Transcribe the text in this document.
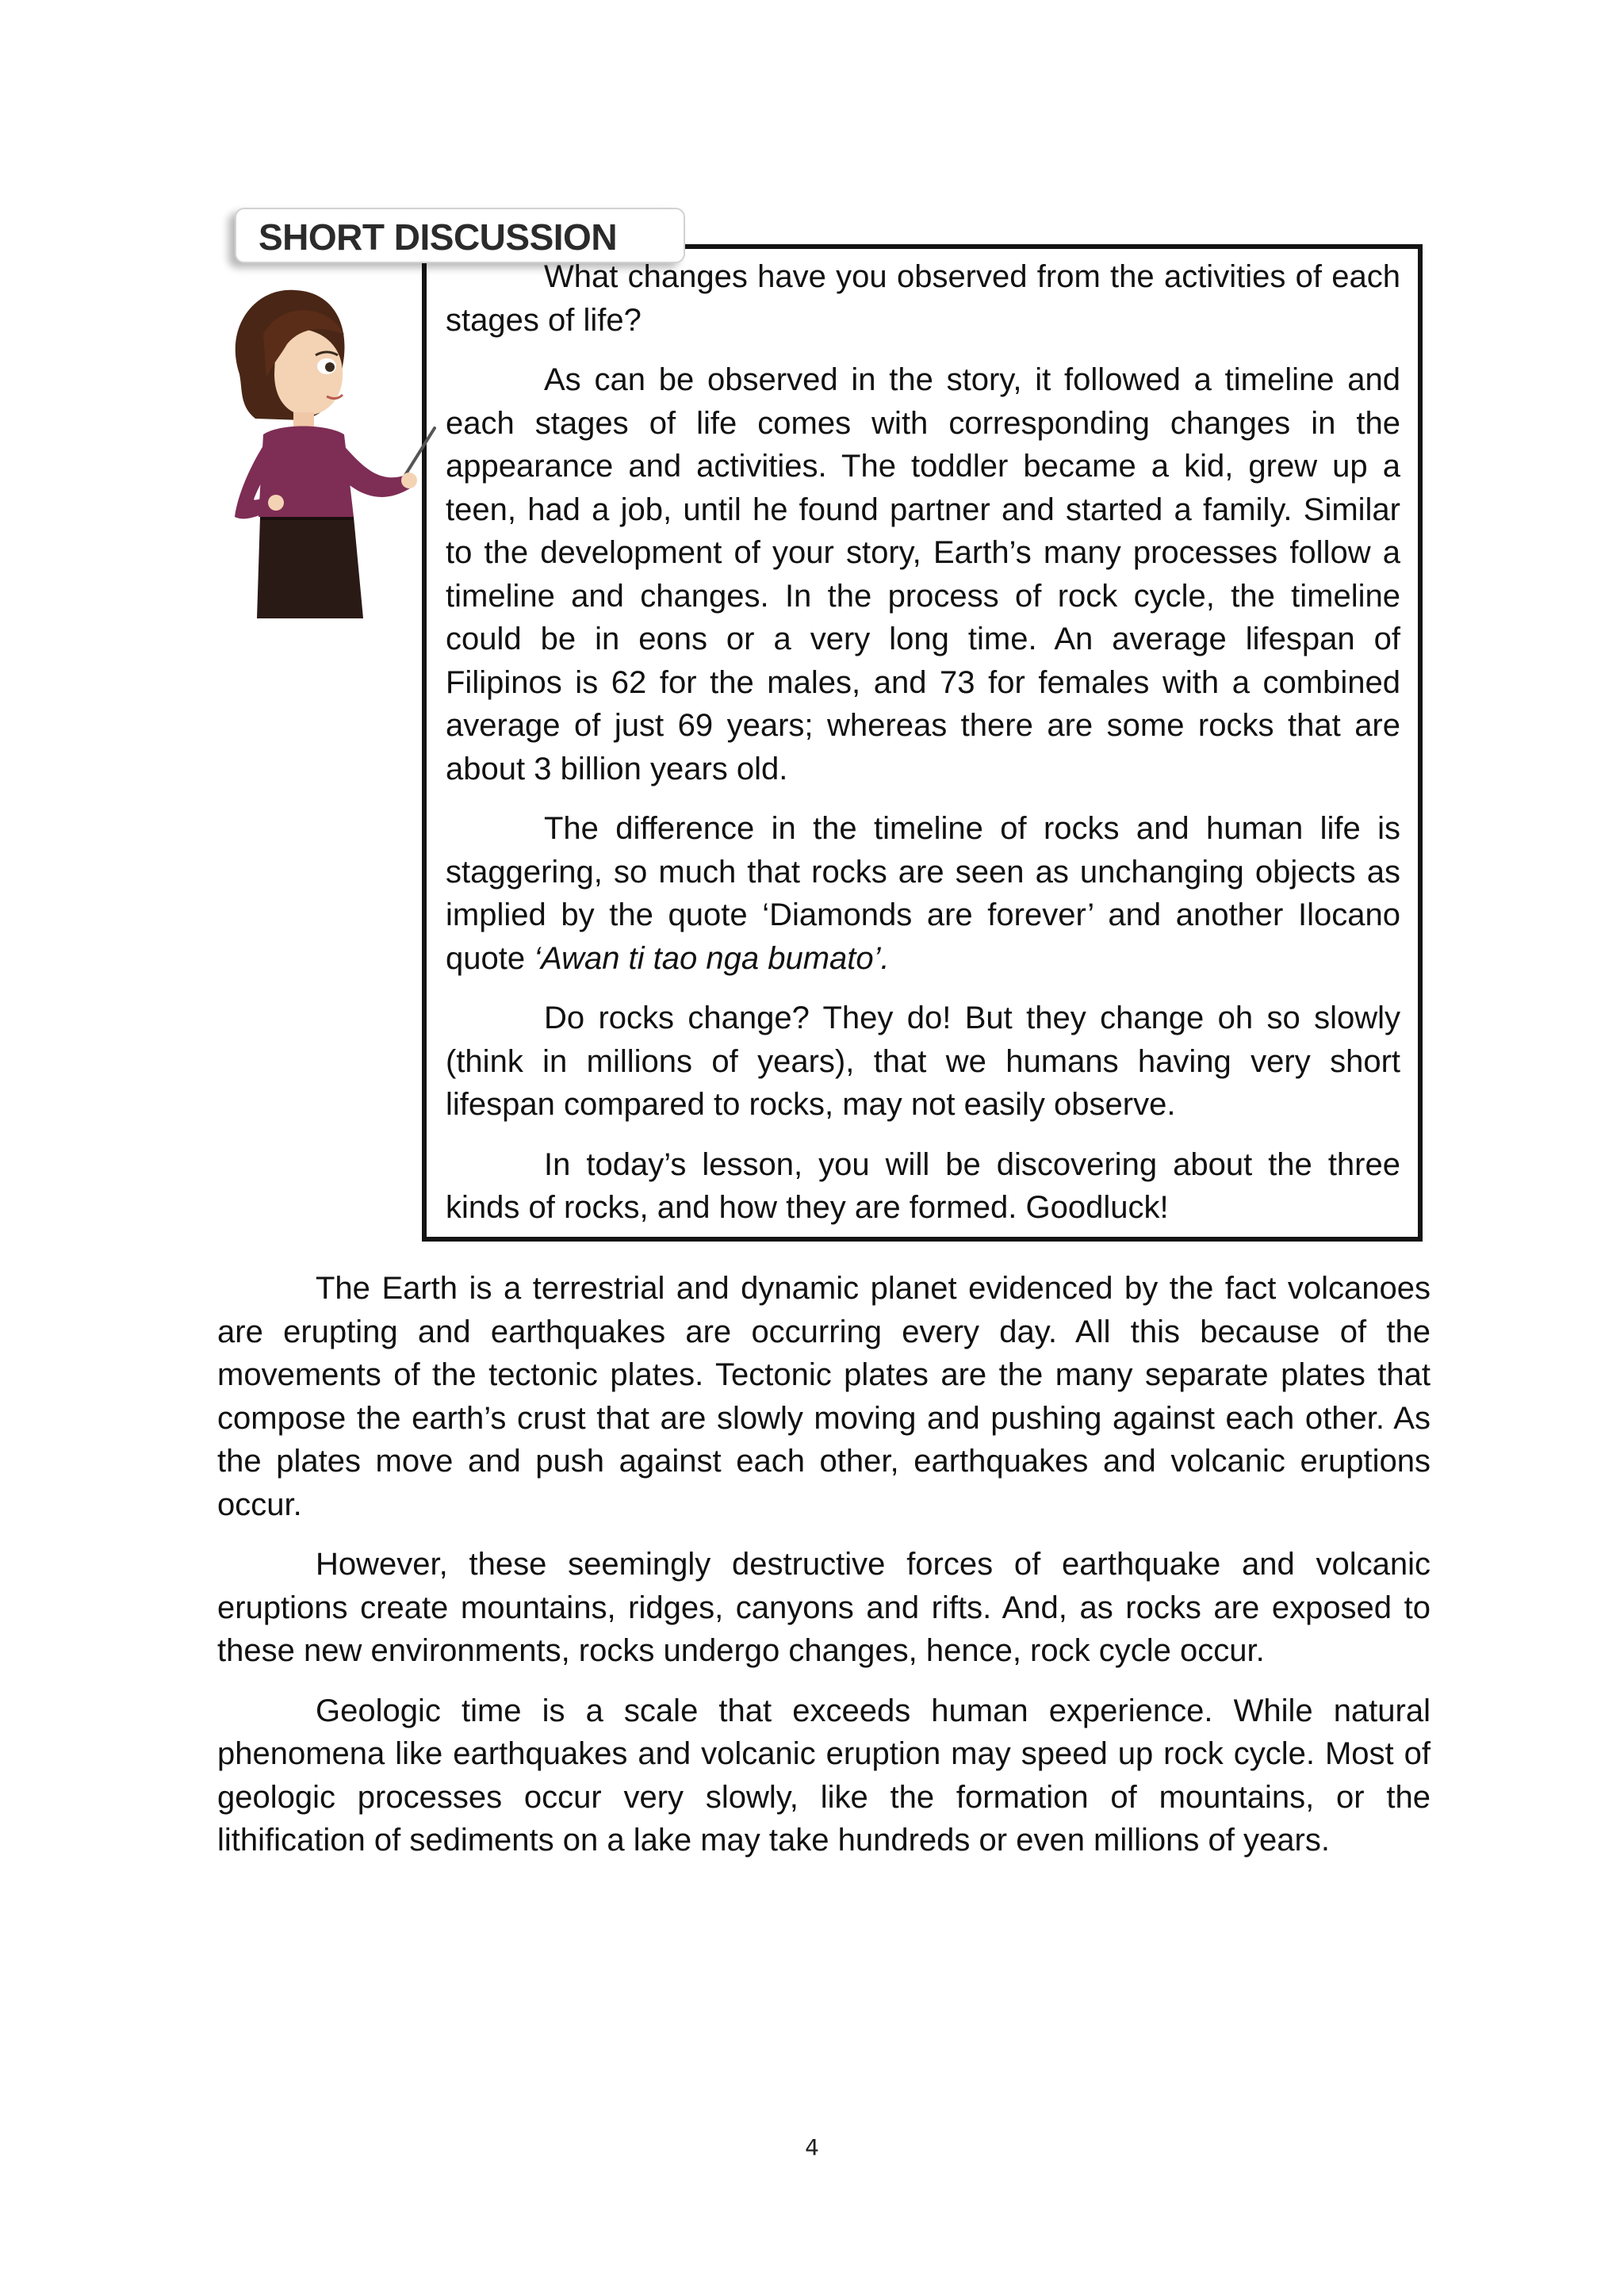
SHORT DISCUSSION

What changes have you observed from the activities of each stages of life?

As can be observed in the story, it followed a timeline and each stages of life comes with corresponding changes in the appearance and activities. The toddler became a kid, grew up a teen, had a job, until he found partner and started a family. Similar to the development of your story, Earth’s many processes follow a timeline and changes. In the process of rock cycle, the timeline could be in eons or a very long time. An average lifespan of Filipinos is 62 for the males, and 73 for females with a combined average of just 69 years; whereas there are some rocks that are about 3 billion years old.

The difference in the timeline of rocks and human life is staggering, so much that rocks are seen as unchanging objects as implied by the quote ‘Diamonds are forever’ and another Ilocano quote ‘Awan ti tao nga bumato’.

Do rocks change? They do! But they change oh so slowly (think in millions of years), that we humans having very short lifespan compared to rocks, may not easily observe.

In today’s lesson, you will be discovering about the three kinds of rocks, and how they are formed. Goodluck!

The Earth is a terrestrial and dynamic planet evidenced by the fact volcanoes are erupting and earthquakes are occurring every day. All this because of the movements of the tectonic plates. Tectonic plates are the many separate plates that compose the earth’s crust that are slowly moving and pushing against each other. As the plates move and push against each other, earthquakes and volcanic eruptions occur.

However, these seemingly destructive forces of earthquake and volcanic eruptions create mountains, ridges, canyons and rifts. And, as rocks are exposed to these new environments, rocks undergo changes, hence, rock cycle occur.

Geologic time is a scale that exceeds human experience. While natural phenomena like earthquakes and volcanic eruption may speed up rock cycle. Most of geologic processes occur very slowly, like the formation of mountains, or the lithification of sediments on a lake may take hundreds or even millions of years.

4
